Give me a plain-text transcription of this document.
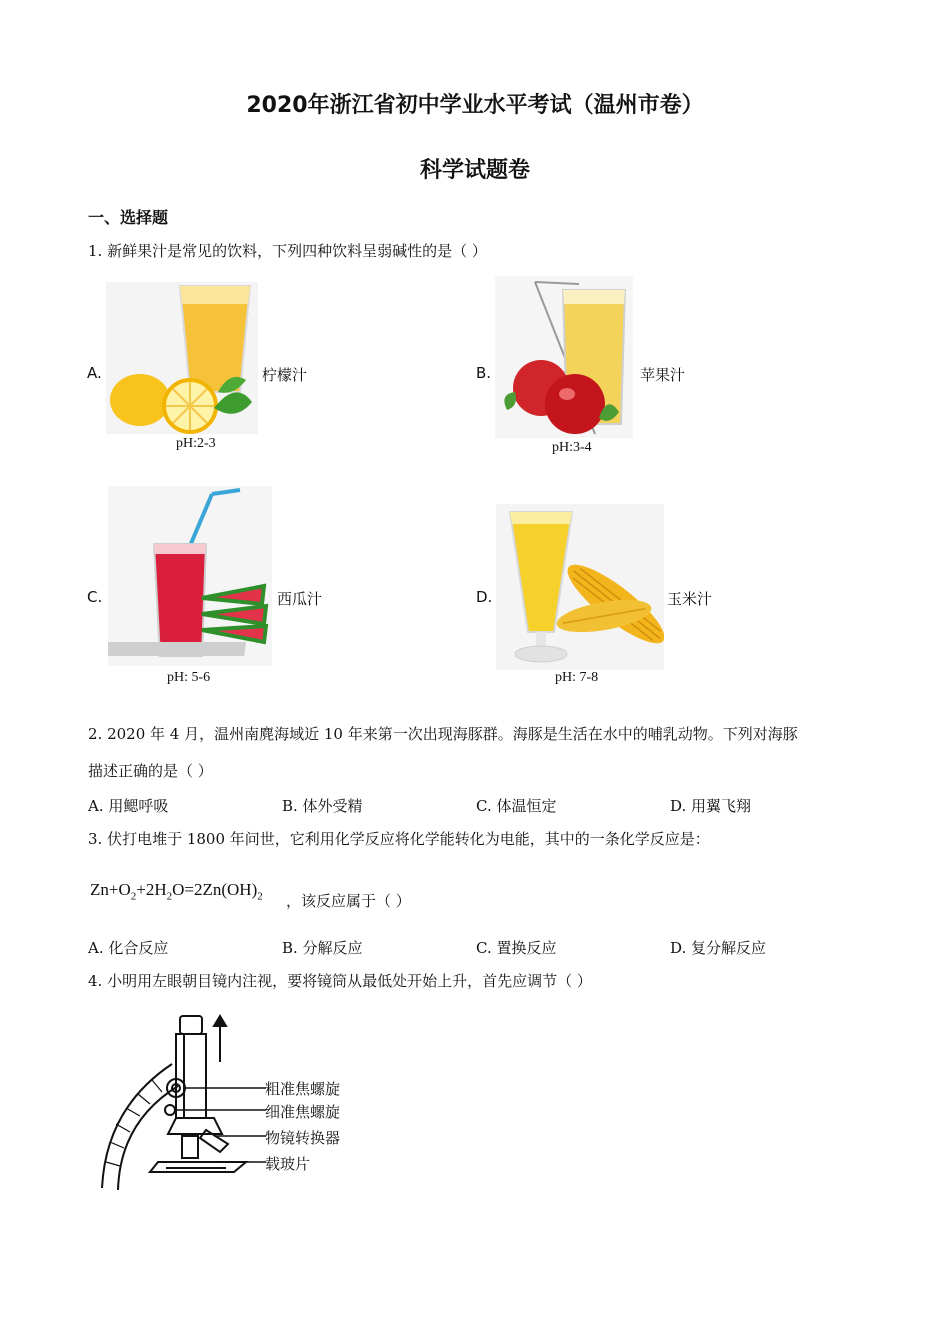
2020年浙江省初中学业水平考试（温州市卷）
科学试题卷
一、选择题
1. 新鲜果汁是常见的饮料，下列四种饮料呈弱碱性的是（ ）
A.	柠檬汁
pH:2-3
B.	苹果汁
pH:3-4
C.	西瓜汁
pH: 5-6
D.	玉米汁
pH: 7-8
2. 2020 年 4 月，温州南麂海域近 10 年来第一次出现海豚群。海豚是生活在水中的哺乳动物。下列对海豚
描述正确的是（ ）
A. 用鳃呼吸	B. 体外受精	C. 体温恒定	D. 用翼飞翔
3. 伏打电堆于 1800 年问世，它利用化学反应将化学能转化为电能，其中的一条化学反应是：
$Zn+O_2+2H_2O=2Zn(OH)_2$ ，该反应属于（ ）
A. 化合反应	B. 分解反应	C. 置换反应	D. 复分解反应
4. 小明用左眼朝目镜内注视，要将镜筒从最低处开始上升，首先应调节（ ）
粗准焦螺旋
细准焦螺旋
物镜转换器
载玻片
